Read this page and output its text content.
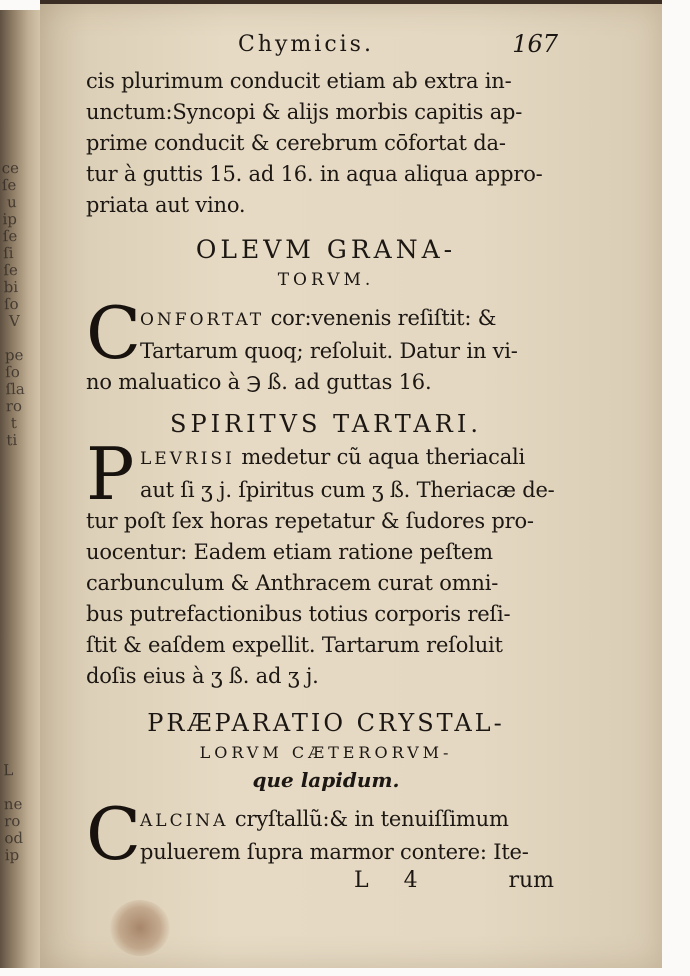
ce
ſe
u
ip
ſe
ſi
ſe
bi
ſo
V

pe
ſo
ſla
ro
t
ti
L

ne
ro
od
ip
Chymicis.	167
cis plurimum conducit etiam ab extra in-
unctum:Syncopi & alijs morbis capitis ap-
prime conducit & cerebrum cōfortat da-
tur à guttis 15. ad 16. in aqua aliqua appro-
priata aut vino.
OLEVM GRANA-
TORVM.
C
ONFORTAT cor:venenis reſiſtit: &
Tartarum quoq; reſoluit. Datur in vi-
no maluatico à ℈ ß. ad guttas 16.
SPIRITVS TARTARI.
P LEVRISI medetur cũ aqua theriacali
aut ſi ʒ j. ſpiritus cum ʒ ß. Theriacæ de-
tur poſt ſex horas repetatur & ſudores pro-
uocentur: Eadem etiam ratione peſtem
carbunculum & Anthracem curat omni-
bus putrefactionibus totius corporis reſi-
ſtit & eaſdem expellit. Tartarum reſoluit
doſis eius à ʒ ß. ad ʒ j.
PRÆPARATIO CRYSTAL-
LORVM CÆTERORVM-
que lapidum.
C
ALCINA cryſtallũ:& in tenuiſſimum
puluerem ſupra marmor contere: Ite-
L 4	rum
